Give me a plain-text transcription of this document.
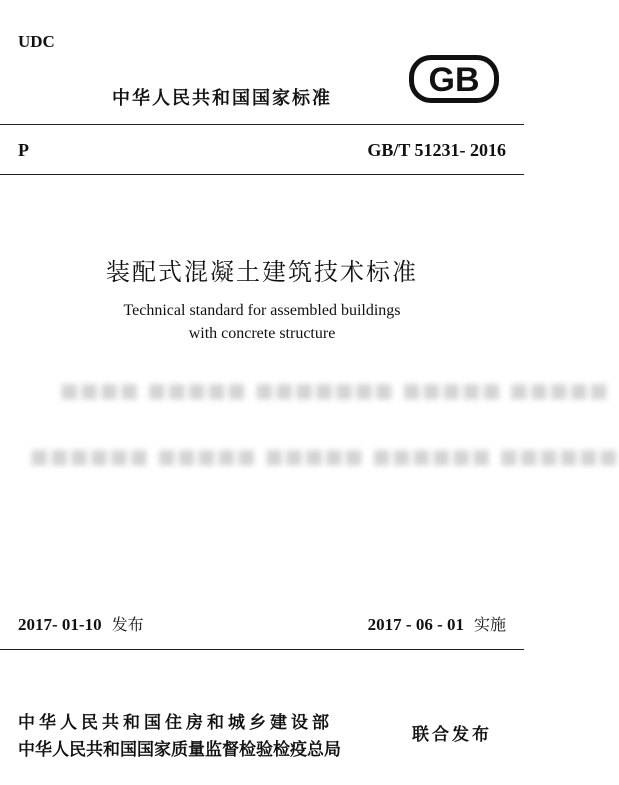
UDC
中华人民共和国国家标准	GB
P	GB/T 51231- 2016
装配式混凝土建筑技术标准
Technical standard for assembled buildings
with concrete structure
■■■■ ■■■■■ ■■■■■■■ ■■■■■ ■■■■■
■■■■■■ ■■■■■ ■■■■■ ■■■■■■ ■■■■■■
2017- 01-10 发布	2017 - 06 - 01 实施
中华人民共和国住房和城乡建设部
中华人民共和国国家质量监督检验检疫总局
联合发布
